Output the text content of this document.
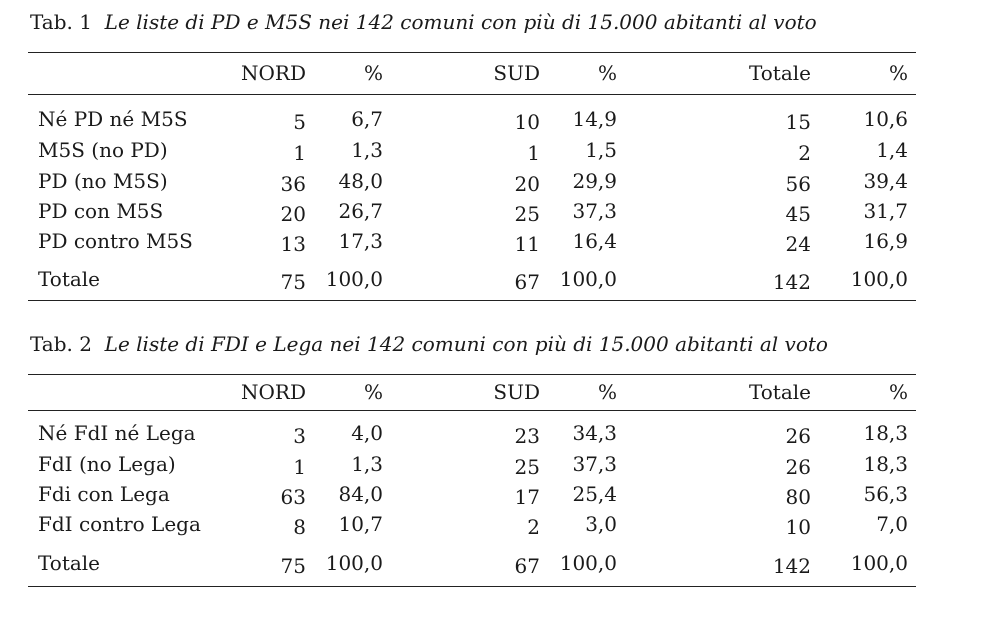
Tab. 1 Le liste di PD e M5S nei 142 comuni con più di 15.000 abitanti al voto
NORD	%	SUD	%	Totale	%
Né PD né M5S	5 6,7	10 14,9	15	10,6
M5S (no PD)	1 1,3	1 1,5	2	1,4
PD (no M5S)	36 48,0	20 29,9	56	39,4
PD con M5S	20 26,7	25 37,3	45	31,7
PD contro M5S	13 17,3	11 16,4	24	16,9
Totale	75 100,0	67 100,0	142 100,0
Tab. 2 Le liste di FDI e Lega nei 142 comuni con più di 15.000 abitanti al voto
NORD	%	SUD	%	Totale	%
Né FdI né Lega	3 4,0	23 34,3	26	18,3
FdI (no Lega)	1 1,3	25 37,3	26	18,3
Fdi con Lega	63 84,0	17 25,4	80	56,3
FdI contro Lega	8 10,7	2 3,0	10	7,0
Totale	75 100,0	67 100,0	142 100,0
